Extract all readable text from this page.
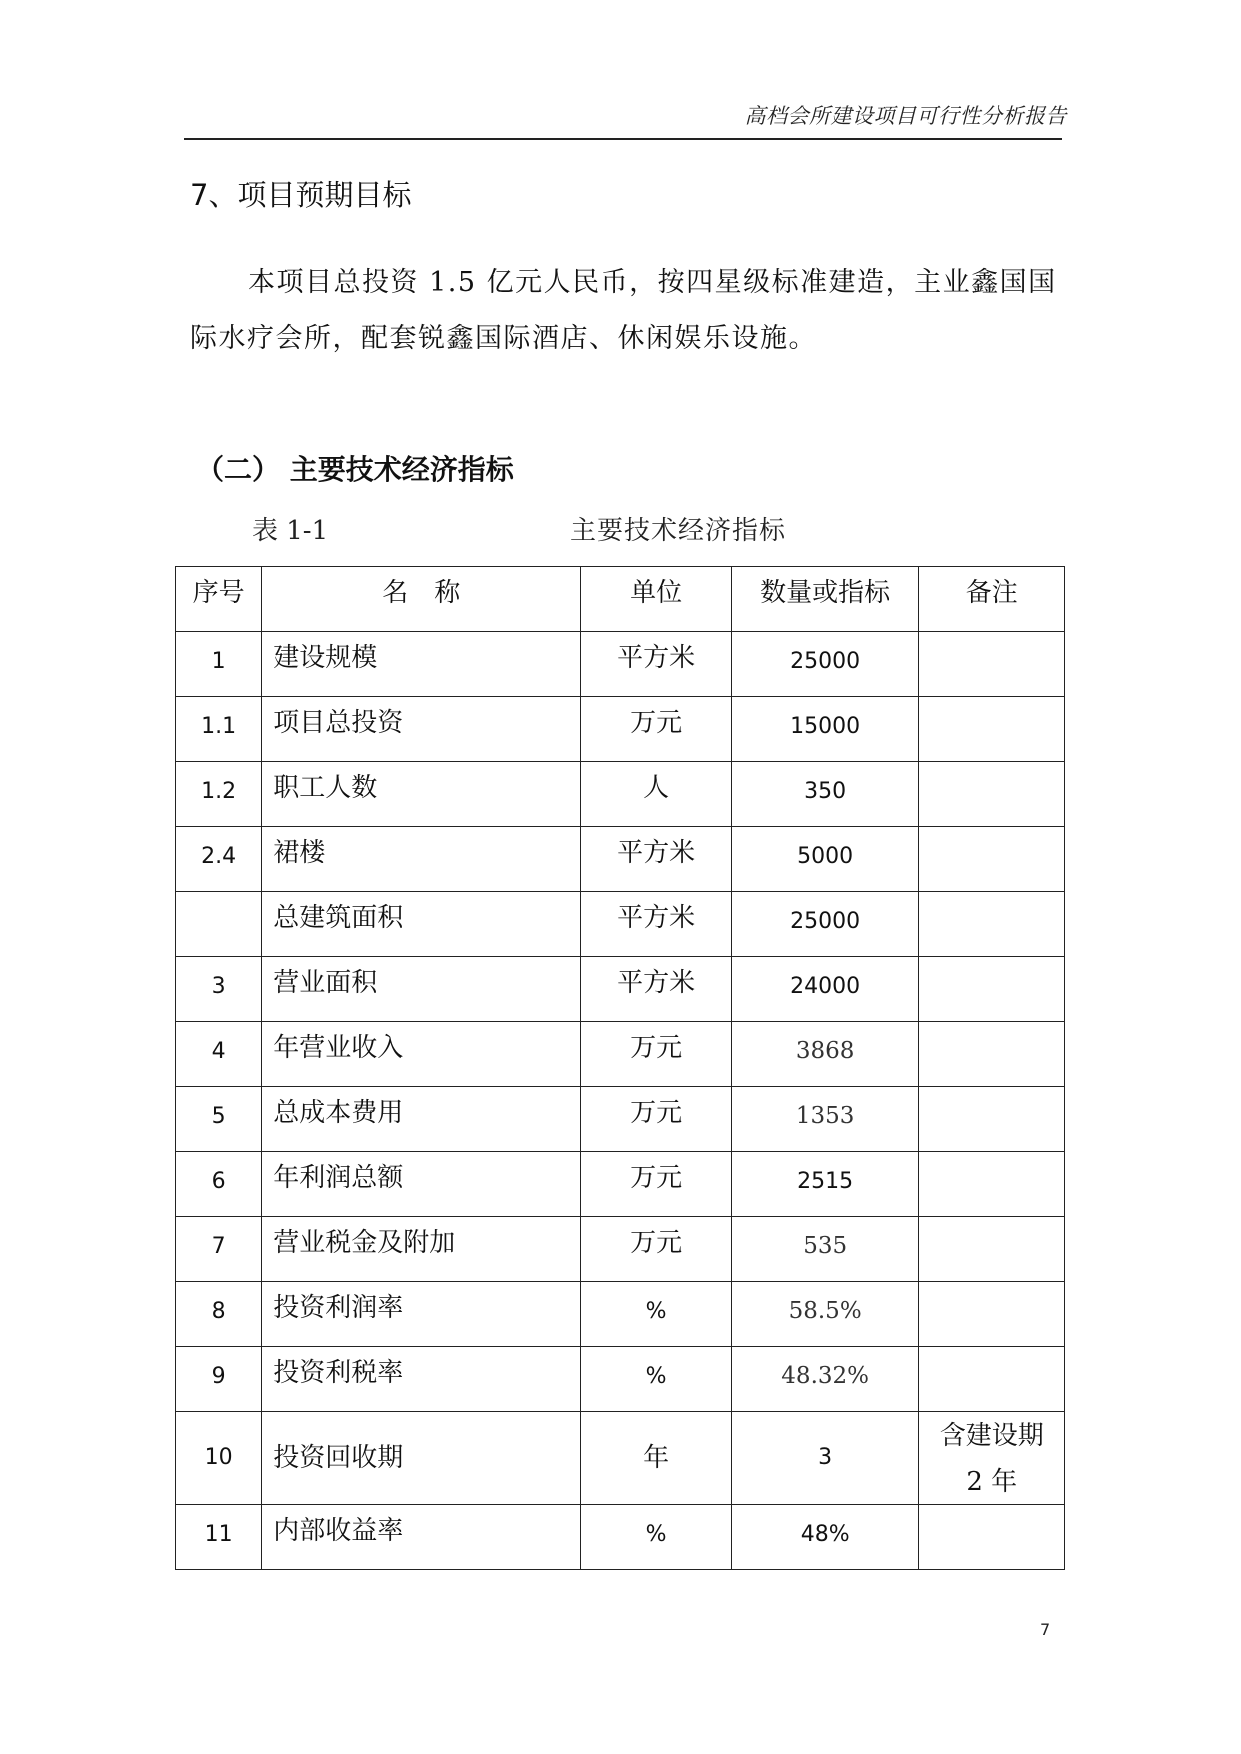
高档会所建设项目可行性分析报告
7、项目预期目标
本项目总投资 1.5 亿元人民币，按四星级标准建造，主业鑫国国际水疗会所，配套锐鑫国际酒店、休闲娱乐设施。
（二） 主要技术经济指标
表 1-1	主要技术经济指标
序号	名　称	单位	数量或指标	备注

1	建设规模	平方米	25000	

1.1	项目总投资	万元	15000	

1.2	职工人数	人	350	

2.4	裙楼	平方米	5000	

	总建筑面积	平方米	25000	

3	营业面积	平方米	24000	

4	年营业收入	万元	3868	

5	总成本费用	万元	1353	

6	年利润总额	万元	2515	

7	营业税金及附加	万元	535	

8	投资利润率	%	58.5%	

9	投资利税率	%	48.32%	

10	投资回收期	年	3	含建设期
2 年

11	内部收益率	%	48%	

7
